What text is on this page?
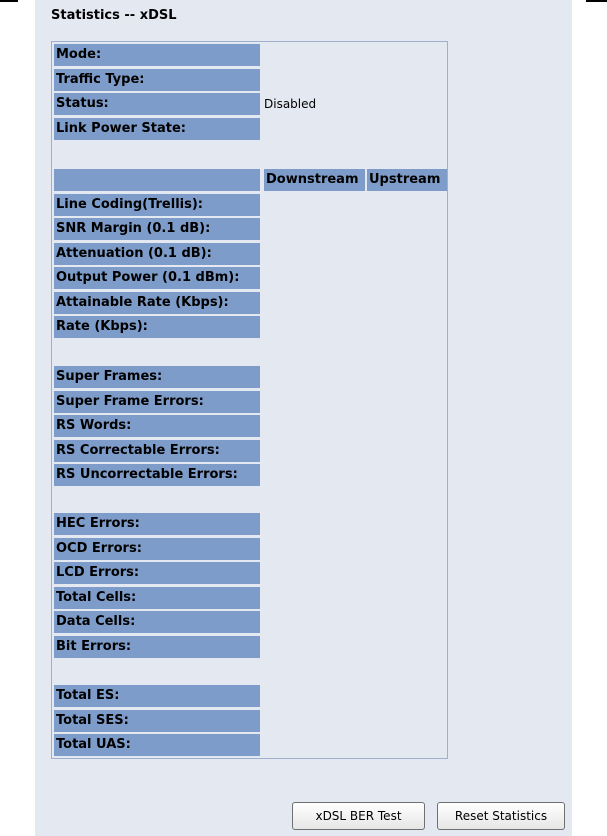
Statistics -- xDSL
Mode:
Traffic Type:
Status:	Disabled
Link Power State:
Downstream Upstream
Line Coding(Trellis):
SNR Margin (0.1 dB):
Attenuation (0.1 dB):
Output Power (0.1 dBm):
Attainable Rate (Kbps):
Rate (Kbps):
Super Frames:
Super Frame Errors:
RS Words:
RS Correctable Errors:
RS Uncorrectable Errors:
HEC Errors:
OCD Errors:
LCD Errors:
Total Cells:
Data Cells:
Bit Errors:
Total ES:
Total SES:
Total UAS:
xDSL BER Test	Reset Statistics
